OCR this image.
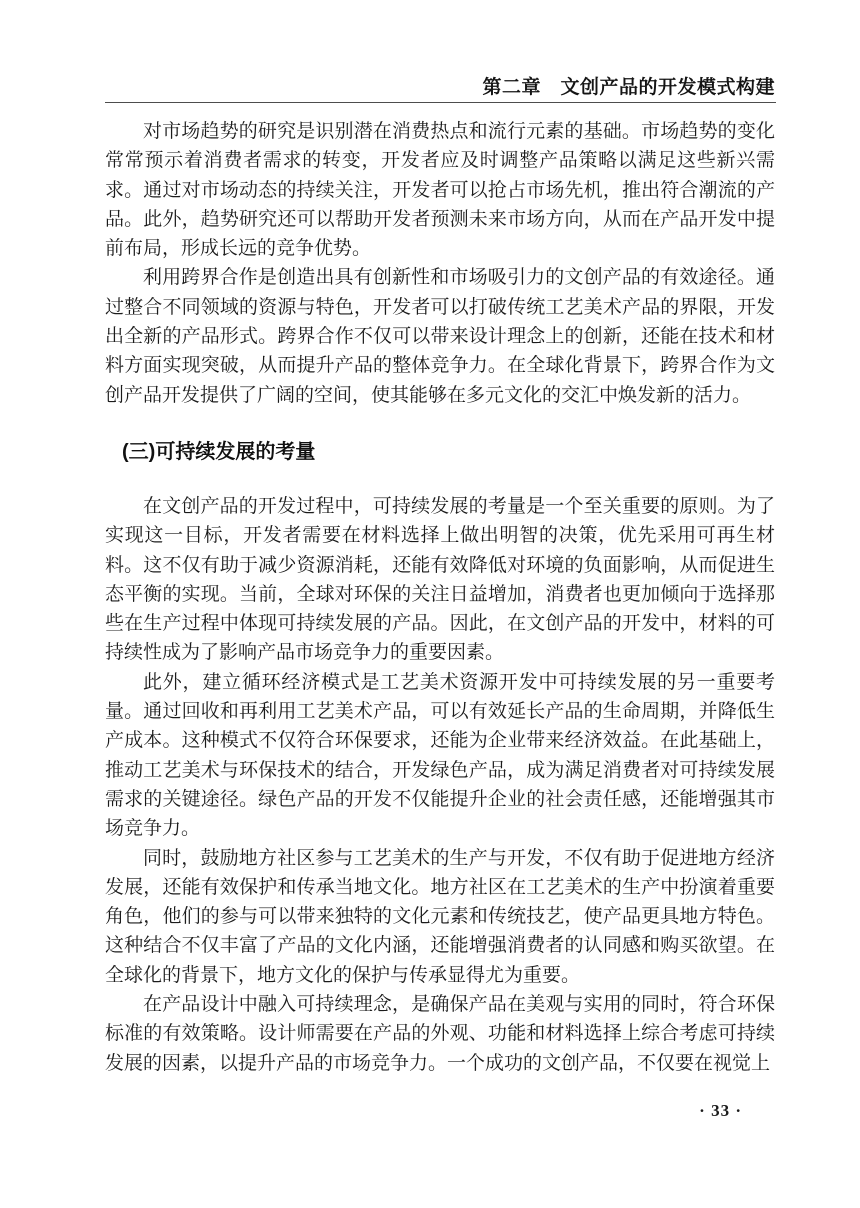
第二章　文创产品的开发模式构建

对市场趋势的研究是识别潜在消费热点和流行元素的基础。市场趋势的变化常常预示着消费者需求的转变，开发者应及时调整产品策略以满足这些新兴需求。通过对市场动态的持续关注，开发者可以抢占市场先机，推出符合潮流的产品。此外，趋势研究还可以帮助开发者预测未来市场方向，从而在产品开发中提前布局，形成长远的竞争优势。

利用跨界合作是创造出具有创新性和市场吸引力的文创产品的有效途径。通过整合不同领域的资源与特色，开发者可以打破传统工艺美术产品的界限，开发出全新的产品形式。跨界合作不仅可以带来设计理念上的创新，还能在技术和材料方面实现突破，从而提升产品的整体竞争力。在全球化背景下，跨界合作为文创产品开发提供了广阔的空间，使其能够在多元文化的交汇中焕发新的活力。

(三)可持续发展的考量

在文创产品的开发过程中，可持续发展的考量是一个至关重要的原则。为了实现这一目标，开发者需要在材料选择上做出明智的决策，优先采用可再生材料。这不仅有助于减少资源消耗，还能有效降低对环境的负面影响，从而促进生态平衡的实现。当前，全球对环保的关注日益增加，消费者也更加倾向于选择那些在生产过程中体现可持续发展的产品。因此，在文创产品的开发中，材料的可持续性成为了影响产品市场竞争力的重要因素。

此外，建立循环经济模式是工艺美术资源开发中可持续发展的另一重要考量。通过回收和再利用工艺美术产品，可以有效延长产品的生命周期，并降低生产成本。这种模式不仅符合环保要求，还能为企业带来经济效益。在此基础上，推动工艺美术与环保技术的结合，开发绿色产品，成为满足消费者对可持续发展需求的关键途径。绿色产品的开发不仅能提升企业的社会责任感，还能增强其市场竞争力。

同时，鼓励地方社区参与工艺美术的生产与开发，不仅有助于促进地方经济发展，还能有效保护和传承当地文化。地方社区在工艺美术的生产中扮演着重要角色，他们的参与可以带来独特的文化元素和传统技艺，使产品更具地方特色。这种结合不仅丰富了产品的文化内涵，还能增强消费者的认同感和购买欲望。在全球化的背景下，地方文化的保护与传承显得尤为重要。

在产品设计中融入可持续理念，是确保产品在美观与实用的同时，符合环保标准的有效策略。设计师需要在产品的外观、功能和材料选择上综合考虑可持续发展的因素，以提升产品的市场竞争力。一个成功的文创产品，不仅要在视觉上

· 33 ·
